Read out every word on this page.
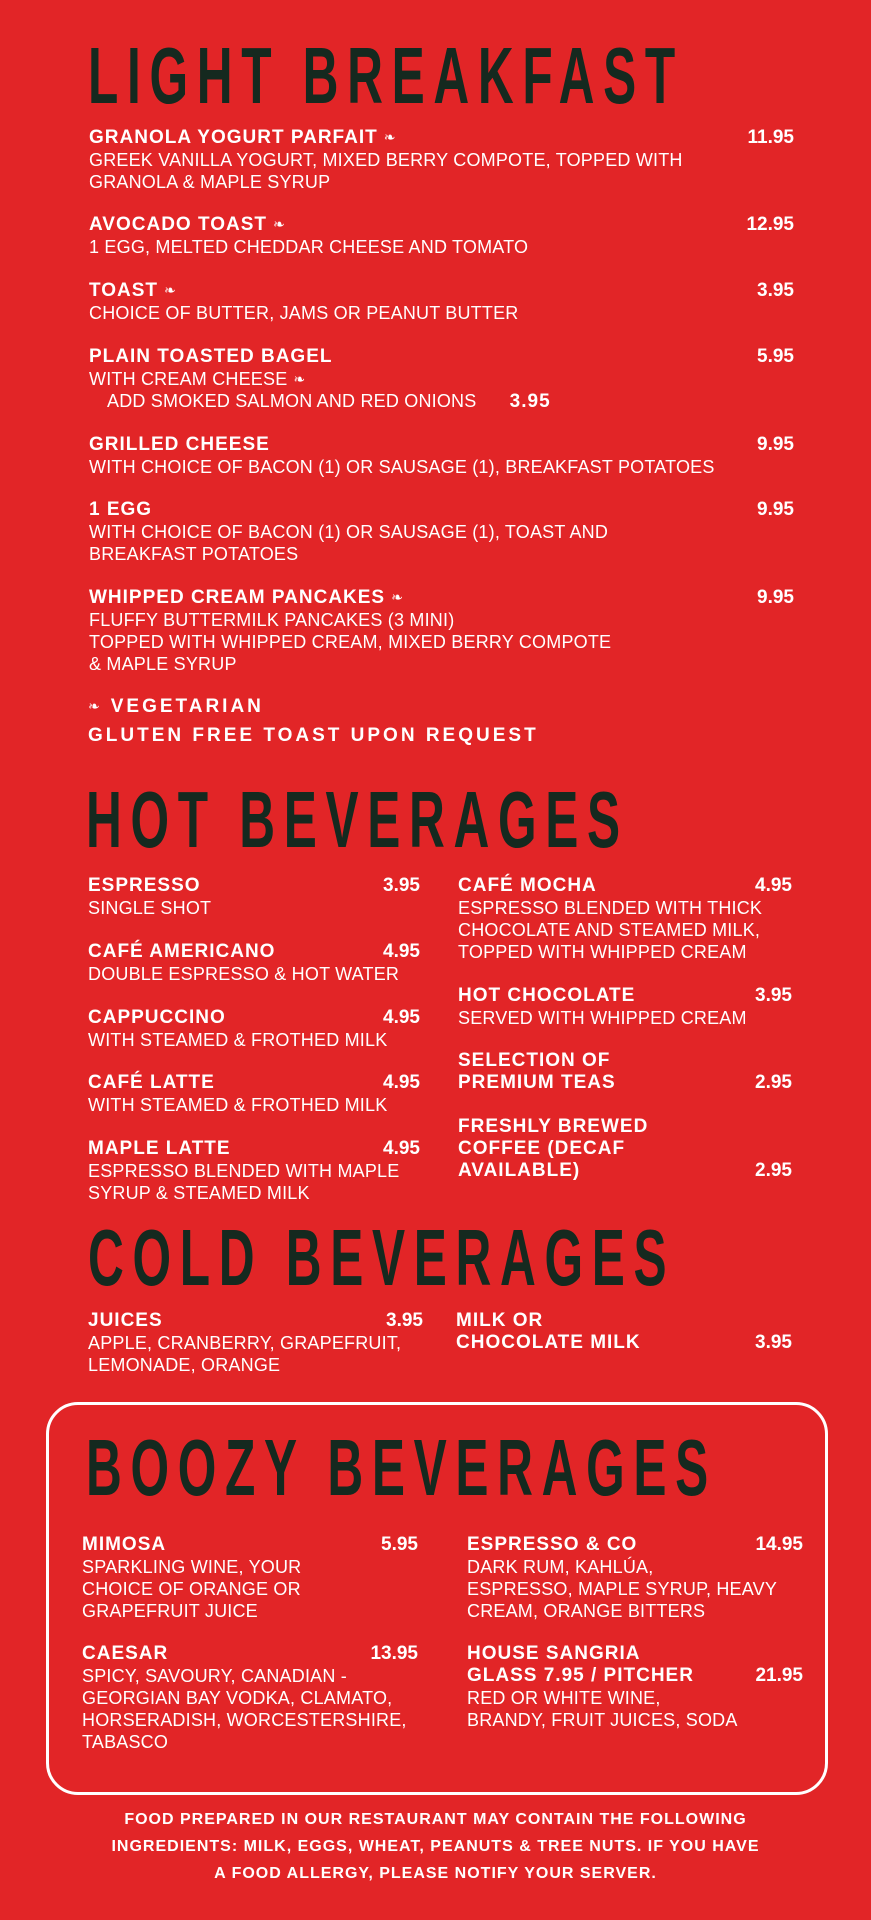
LIGHT BREAKFAST
GRANOLA YOGURT PARFAIT ❧	11.95
GREEK VANILLA YOGURT, MIXED BERRY COMPOTE, TOPPED WITH
GRANOLA & MAPLE SYRUP
AVOCADO TOAST ❧	12.95
1 EGG, MELTED CHEDDAR CHEESE AND TOMATO
TOAST ❧	3.95
CHOICE OF BUTTER, JAMS OR PEANUT BUTTER
PLAIN TOASTED BAGEL	5.95
WITH CREAM CHEESE ❧
ADD SMOKED SALMON AND RED ONIONS 3.95
GRILLED CHEESE	9.95
WITH CHOICE OF BACON (1) OR SAUSAGE (1), BREAKFAST POTATOES
1 EGG	9.95
WITH CHOICE OF BACON (1) OR SAUSAGE (1), TOAST AND
BREAKFAST POTATOES
WHIPPED CREAM PANCAKES ❧	9.95
FLUFFY BUTTERMILK PANCAKES (3 MINI)
TOPPED WITH WHIPPED CREAM, MIXED BERRY COMPOTE
& MAPLE SYRUP
❧ VEGETARIAN
GLUTEN FREE TOAST UPON REQUEST
HOT BEVERAGES
ESPRESSO	3.95
SINGLE SHOT
CAFÉ AMERICANO	4.95
DOUBLE ESPRESSO & HOT WATER
CAPPUCCINO	4.95
WITH STEAMED & FROTHED MILK
CAFÉ LATTE	4.95
WITH STEAMED & FROTHED MILK
MAPLE LATTE	4.95
ESPRESSO BLENDED WITH MAPLE
SYRUP & STEAMED MILK
CAFÉ MOCHA	4.95
ESPRESSO BLENDED WITH THICK
CHOCOLATE AND STEAMED MILK,
TOPPED WITH WHIPPED CREAM
HOT CHOCOLATE	3.95
SERVED WITH WHIPPED CREAM
SELECTION OF
PREMIUM TEAS	2.95
FRESHLY BREWED
COFFEE (DECAF
AVAILABLE)	2.95
COLD BEVERAGES
JUICES	3.95
APPLE, CRANBERRY, GRAPEFRUIT,
LEMONADE, ORANGE
MILK OR
CHOCOLATE MILK	3.95
BOOZY BEVERAGES
MIMOSA	5.95
SPARKLING WINE, YOUR
CHOICE OF ORANGE OR
GRAPEFRUIT JUICE
CAESAR	13.95
SPICY, SAVOURY, CANADIAN -
GEORGIAN BAY VODKA, CLAMATO,
HORSERADISH, WORCESTERSHIRE,
TABASCO
ESPRESSO & CO	14.95
DARK RUM, KAHLÚA,
ESPRESSO, MAPLE SYRUP, HEAVY
CREAM, ORANGE BITTERS
HOUSE SANGRIA
GLASS 7.95 / PITCHER	21.95
RED OR WHITE WINE,
BRANDY, FRUIT JUICES, SODA
FOOD PREPARED IN OUR RESTAURANT MAY CONTAIN THE FOLLOWING
INGREDIENTS: MILK, EGGS, WHEAT, PEANUTS & TREE NUTS. IF YOU HAVE
A FOOD ALLERGY, PLEASE NOTIFY YOUR SERVER.
